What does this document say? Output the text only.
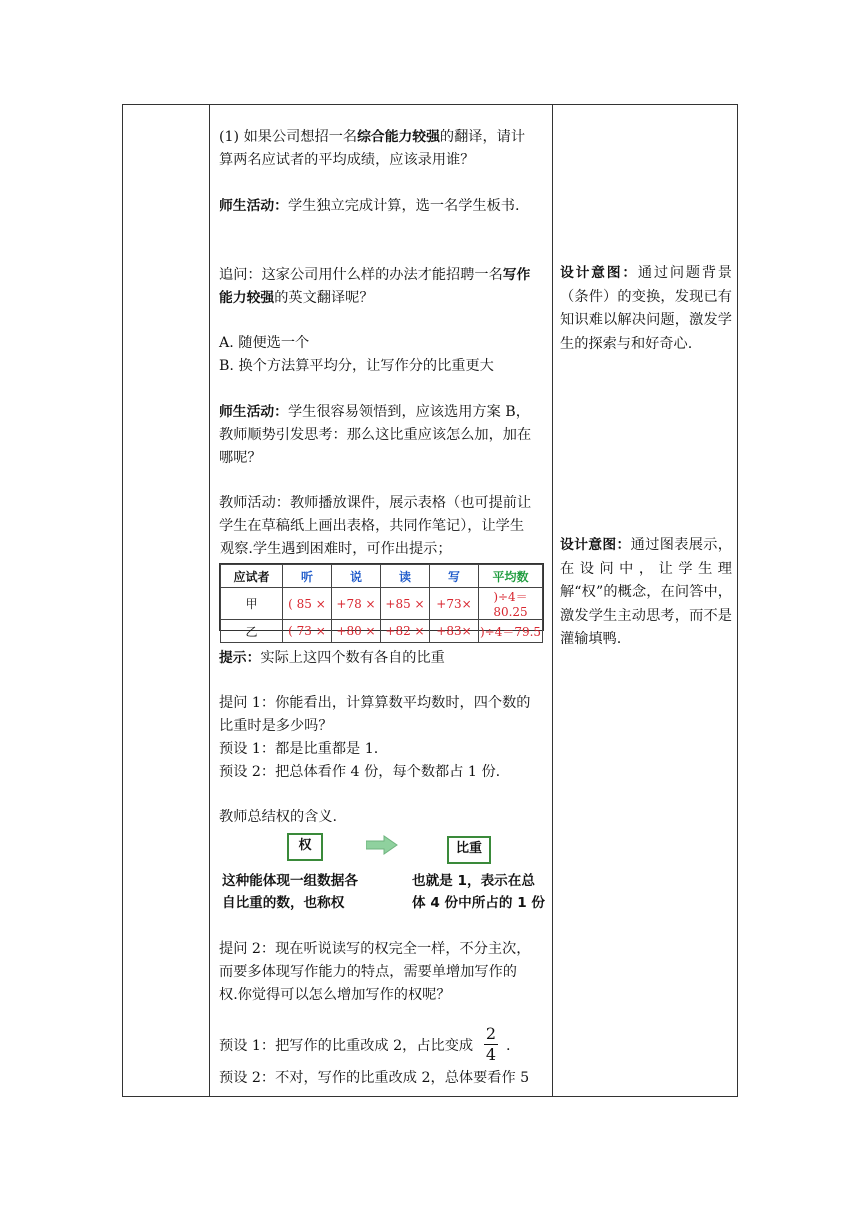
(1) 如果公司想招一名综合能力较强的翻译，请计
算两名应试者的平均成绩，应该录用谁？
师生活动：学生独立完成计算，选一名学生板书.
追问：这家公司用什么样的办法才能招聘一名写作
能力较强的英文翻译呢？
A. 随便选一个
B. 换个方法算平均分，让写作分的比重更大
师生活动：学生很容易领悟到，应该选用方案 B，
教师顺势引发思考：那么这比重应该怎么加，加在
哪呢？
教师活动：教师播放课件，展示表格（也可提前让
学生在草稿纸上画出表格，共同作笔记），让学生
观察.学生遇到困难时，可作出提示；
应试者	听	说	读	写	平均数
甲	( 85 ×	+78 ×	+85 ×	+73×	)÷4＝80.25
乙	( 73 ×	+80 ×	+82 ×	+83×	)÷4＝79.5
提示：实际上这四个数有各自的比重
提问 1：你能看出，计算算数平均数时，四个数的
比重时是多少吗？
预设 1：都是比重都是 1.
预设 2：把总体看作 4 份，每个数都占 1 份.
教师总结权的含义.
权	比重
这种能体现一组数据各
自比重的数，也称权
也就是 1，表示在总
体 4 份中所占的 1 份
提问 2：现在听说读写的权完全一样，不分主次，
而要多体现写作能力的特点，需要单增加写作的
权.你觉得可以怎么增加写作的权呢？
预设 1：把写作的比重改成 2，占比变成 $\frac{2}{4}$ .
预设 2：不对，写作的比重改成 2，总体要看作 5
设计意图：通过问题背景（条件）的变换，发现已有知识难以解决问题，激发学生的探索与和好奇心.
设计意图：通过图表展示，在设问中，让学生理解“权”的概念，在问答中，激发学生主动思考，而不是灌输填鸭.
